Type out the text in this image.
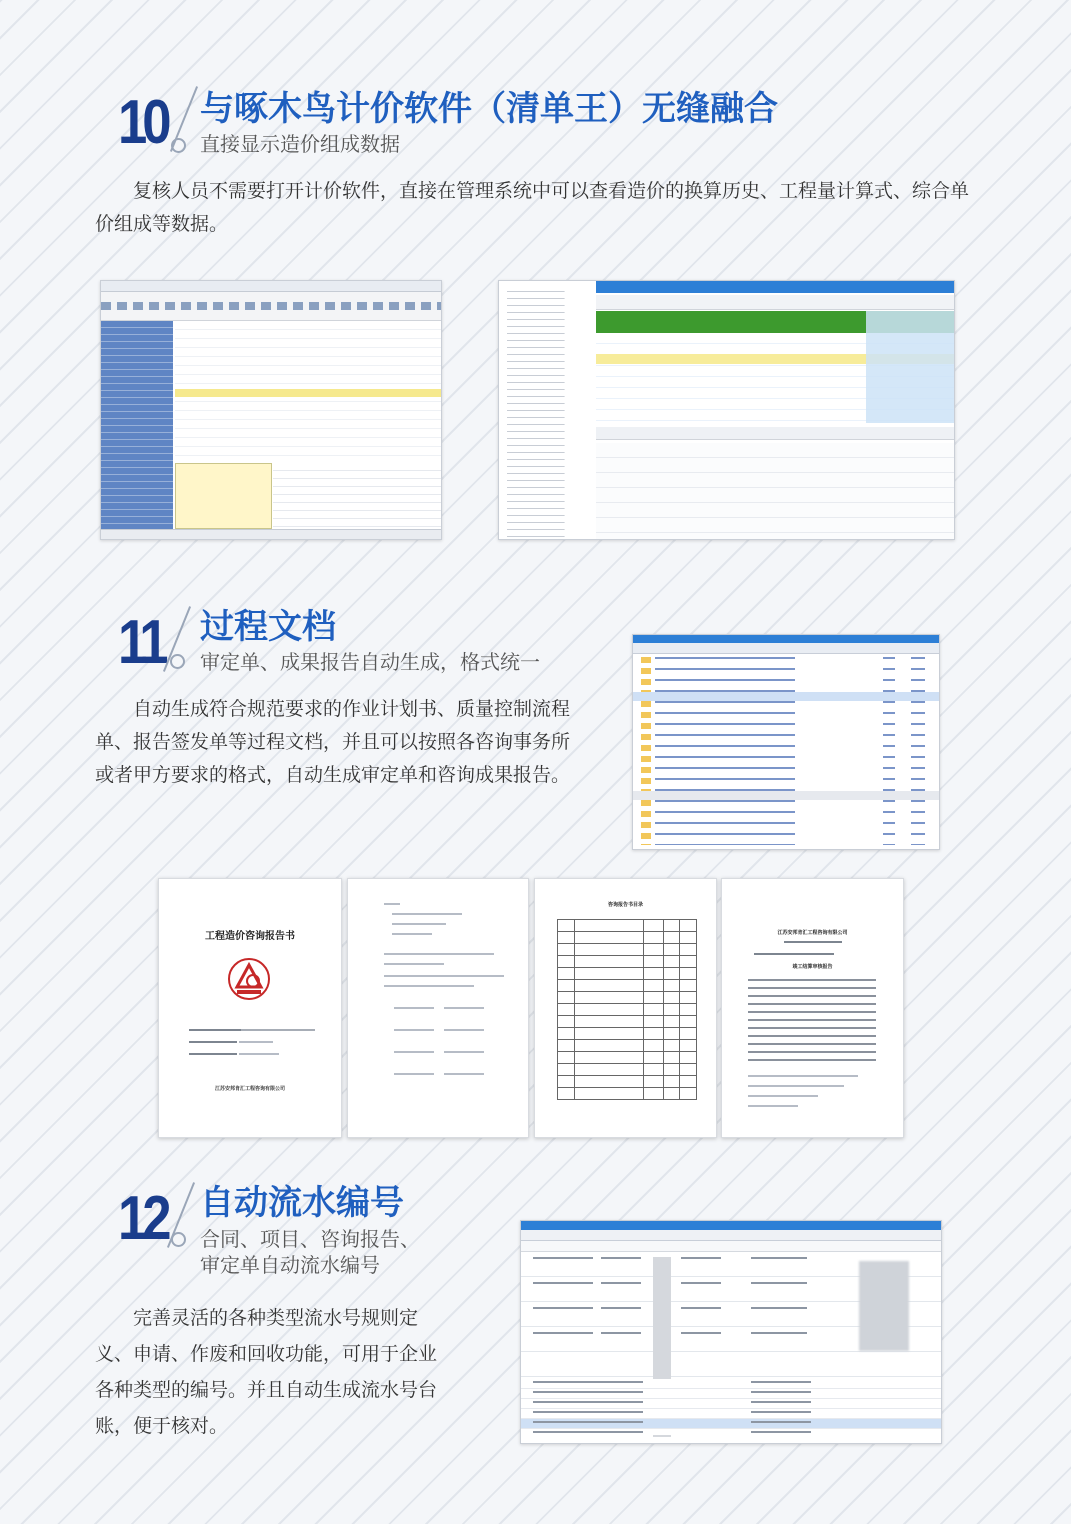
10 与啄木鸟计价软件（清单王）无缝融合
直接显示造价组成数据
复核人员不需要打开计价软件，直接在管理系统中可以查看造价的换算历史、工程量计算式、综合单价组成等数据。
11 过程文档
审定单、成果报告自动生成，格式统一
自动生成符合规范要求的作业计划书、质量控制流程单、报告签发单等过程文档，并且可以按照各咨询事务所或者甲方要求的格式，自动生成审定单和咨询成果报告。
工程造价咨询报告书
江苏安邦肯汇工程咨询有限公司
咨询报告书目录

江苏安邦肯汇工程咨询有限公司
竣工结算审核报告
12 自动流水编号
合同、项目、咨询报告、
审定单自动流水编号
完善灵活的各种类型流水号规则定义、申请、作废和回收功能，可用于企业各种类型的编号。并且自动生成流水号台账，便于核对。
